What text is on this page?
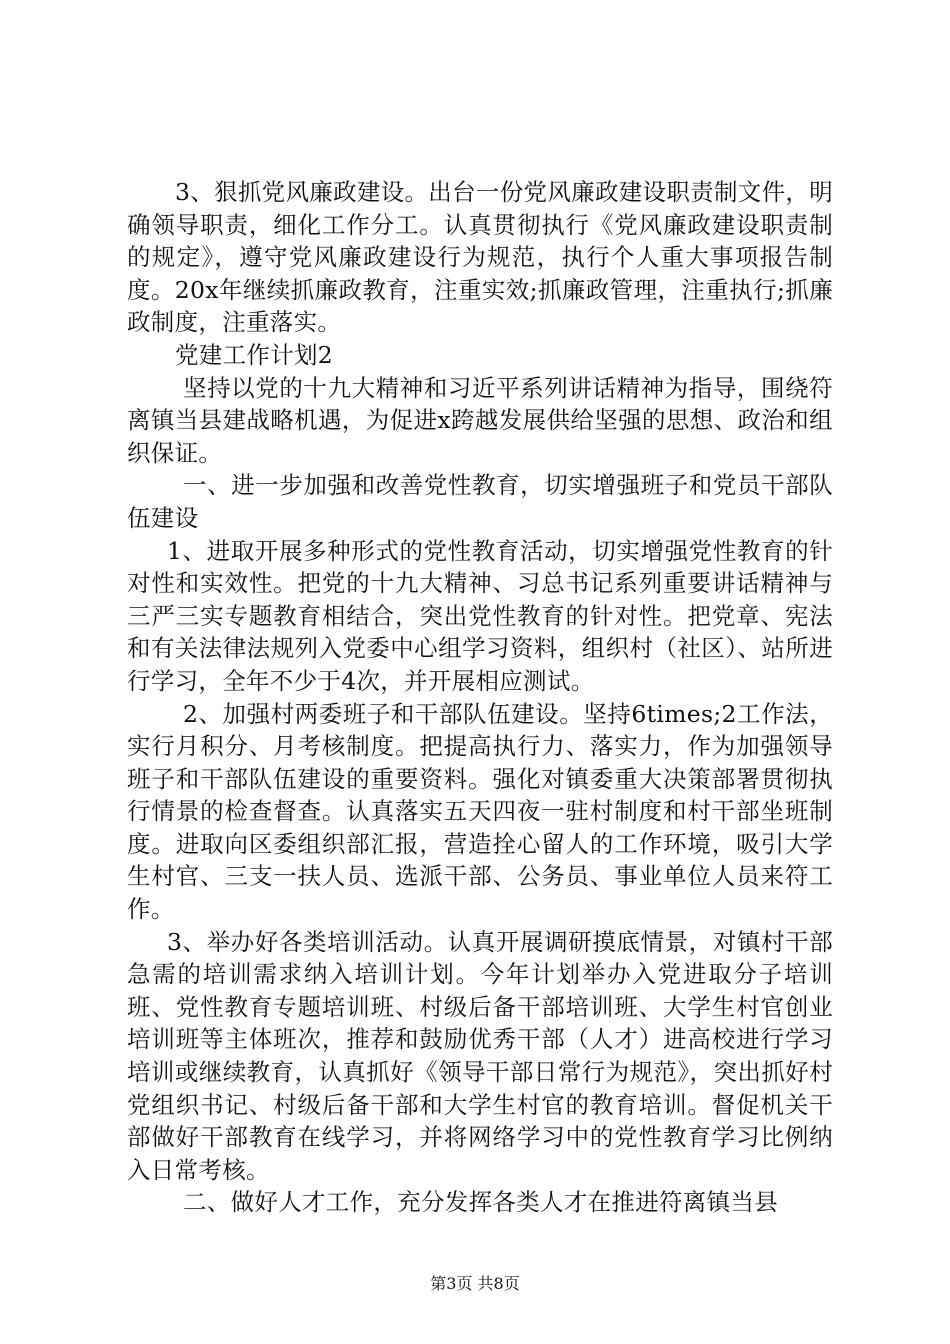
3、狠抓党风廉政建设。出台一份党风廉政建设职责制文件，明确领导职责，细化工作分工。认真贯彻执行《党风廉政建设职责制的规定》，遵守党风廉政建设行为规范，执行个人重大事项报告制度。20x年继续抓廉政教育，注重实效;抓廉政管理，注重执行;抓廉政制度，注重落实。

党建工作计划2

坚持以党的十九大精神和习近平系列讲话精神为指导，围绕符离镇当县建战略机遇，为促进x跨越发展供给坚强的思想、政治和组织保证。

一、进一步加强和改善党性教育，切实增强班子和党员干部队伍建设

1、进取开展多种形式的党性教育活动，切实增强党性教育的针对性和实效性。把党的十九大精神、习总书记系列重要讲话精神与三严三实专题教育相结合，突出党性教育的针对性。把党章、宪法和有关法律法规列入党委中心组学习资料，组织村（社区）、站所进行学习，全年不少于4次，并开展相应测试。

2、加强村两委班子和干部队伍建设。坚持6times;2工作法，实行月积分、月考核制度。把提高执行力、落实力，作为加强领导班子和干部队伍建设的重要资料。强化对镇委重大决策部署贯彻执行情景的检查督查。认真落实五天四夜一驻村制度和村干部坐班制度。进取向区委组织部汇报，营造拴心留人的工作环境，吸引大学生村官、三支一扶人员、选派干部、公务员、事业单位人员来符工作。

3、举办好各类培训活动。认真开展调研摸底情景，对镇村干部急需的培训需求纳入培训计划。今年计划举办入党进取分子培训班、党性教育专题培训班、村级后备干部培训班、大学生村官创业培训班等主体班次，推荐和鼓励优秀干部（人才）进高校进行学习培训或继续教育，认真抓好《领导干部日常行为规范》，突出抓好村党组织书记、村级后备干部和大学生村官的教育培训。督促机关干部做好干部教育在线学习，并将网络学习中的党性教育学习比例纳入日常考核。

二、做好人才工作，充分发挥各类人才在推进符离镇当县

第3页 共8页
